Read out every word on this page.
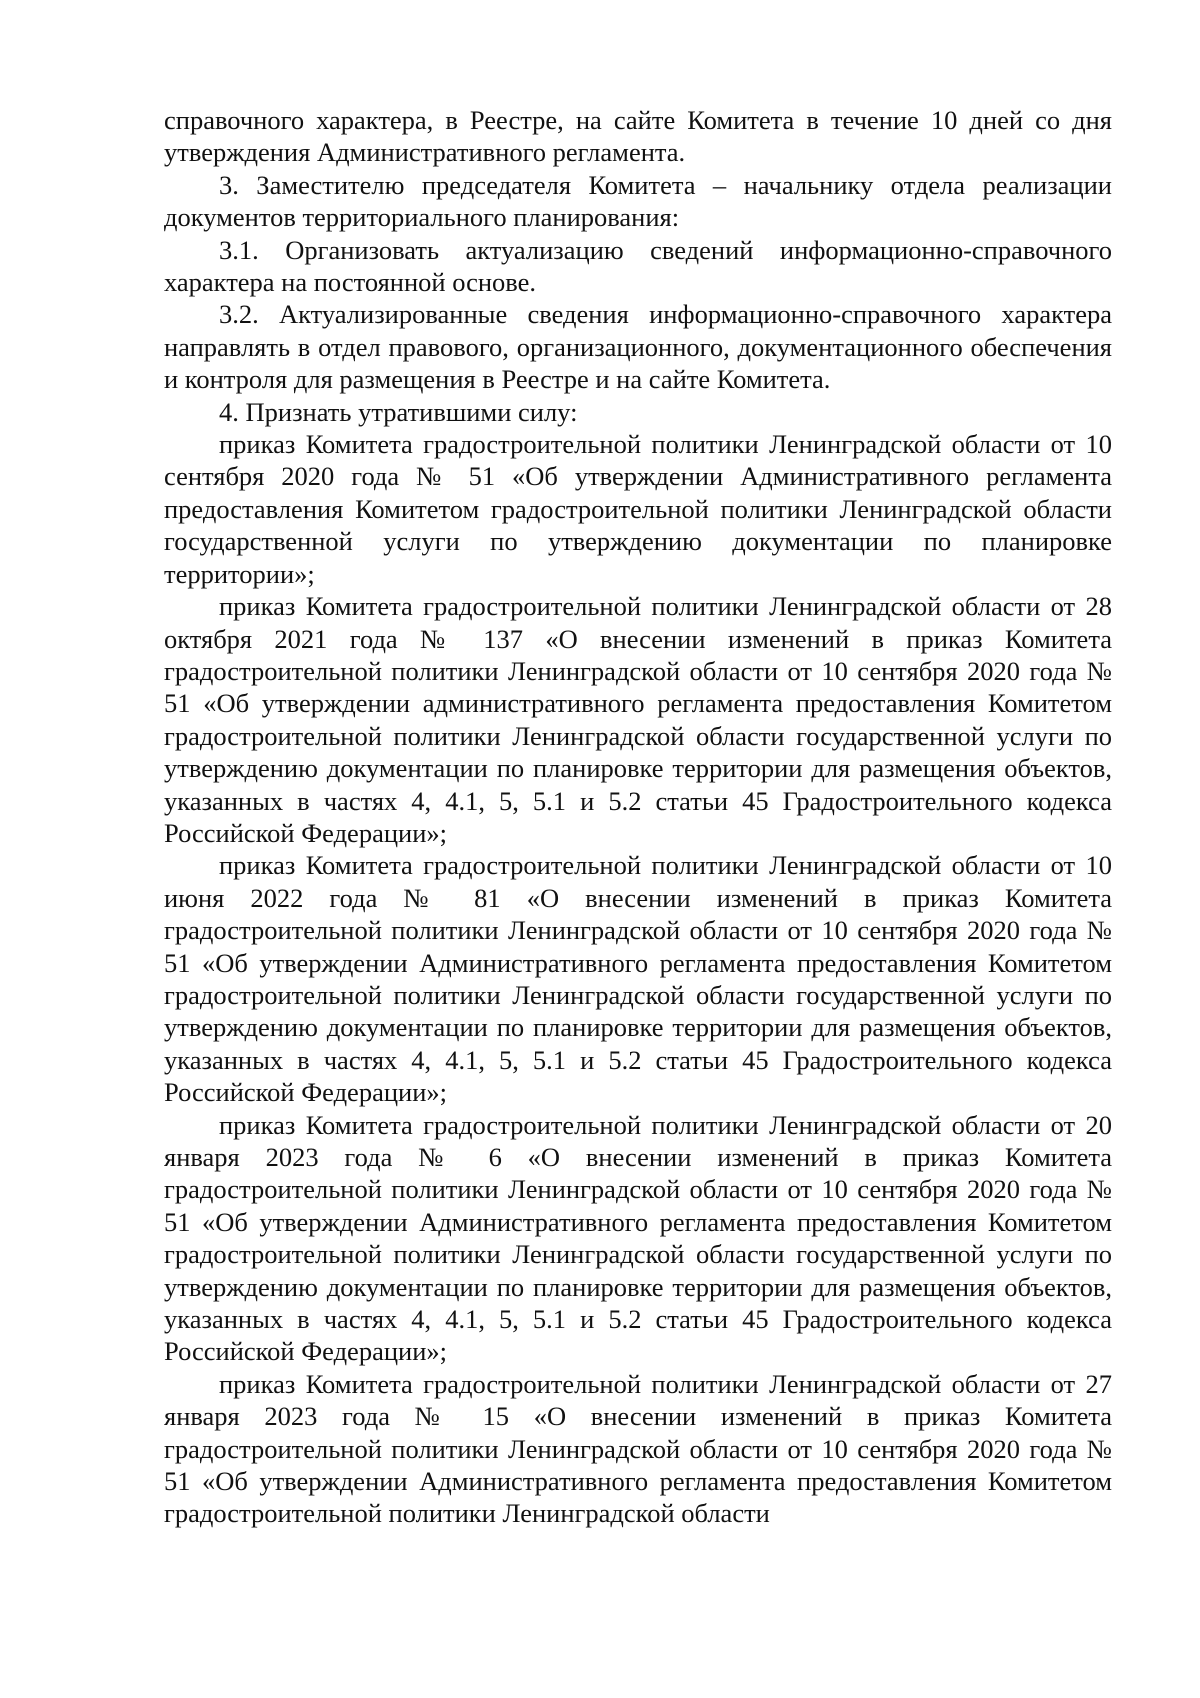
справочного характера, в Реестре, на сайте Комитета в течение 10 дней со дня утверждения Административного регламента.

3. Заместителю председателя Комитета – начальнику отдела реализации документов территориального планирования:

3.1. Организовать актуализацию сведений информационно-справочного характера на постоянной основе.

3.2. Актуализированные сведения информационно-справочного характера направлять в отдел правового, организационного, документационного обеспечения и контроля для размещения в Реестре и на сайте Комитета.

4. Признать утратившими силу:

приказ Комитета градостроительной политики Ленинградской области от 10 сентября 2020 года № 51 «Об утверждении Административного регламента предоставления Комитетом градостроительной политики Ленинградской области государственной услуги по утверждению документации по планировке территории»;

приказ Комитета градостроительной политики Ленинградской области от 28 октября 2021 года № 137 «О внесении изменений в приказ Комитета градостроительной политики Ленинградской области от 10 сентября 2020 года № 51 «Об утверждении административного регламента предоставления Комитетом градостроительной политики Ленинградской области государственной услуги по утверждению документации по планировке территории для размещения объектов, указанных в частях 4, 4.1, 5, 5.1 и 5.2 статьи 45 Градостроительного кодекса Российской Федерации»;

приказ Комитета градостроительной политики Ленинградской области от 10 июня 2022 года № 81 «О внесении изменений в приказ Комитета градостроительной политики Ленинградской области от 10 сентября 2020 года № 51 «Об утверждении Административного регламента предоставления Комитетом градостроительной политики Ленинградской области государственной услуги по утверждению документации по планировке территории для размещения объектов, указанных в частях 4, 4.1, 5, 5.1 и 5.2 статьи 45 Градостроительного кодекса Российской Федерации»;

приказ Комитета градостроительной политики Ленинградской области от 20 января 2023 года № 6 «О внесении изменений в приказ Комитета градостроительной политики Ленинградской области от 10 сентября 2020 года № 51 «Об утверждении Административного регламента предоставления Комитетом градостроительной политики Ленинградской области государственной услуги по утверждению документации по планировке территории для размещения объектов, указанных в частях 4, 4.1, 5, 5.1 и 5.2 статьи 45 Градостроительного кодекса Российской Федерации»;

приказ Комитета градостроительной политики Ленинградской области от 27 января 2023 года № 15 «О внесении изменений в приказ Комитета градостроительной политики Ленинградской области от 10 сентября 2020 года № 51 «Об утверждении Административного регламента предоставления Комитетом градостроительной политики Ленинградской области
